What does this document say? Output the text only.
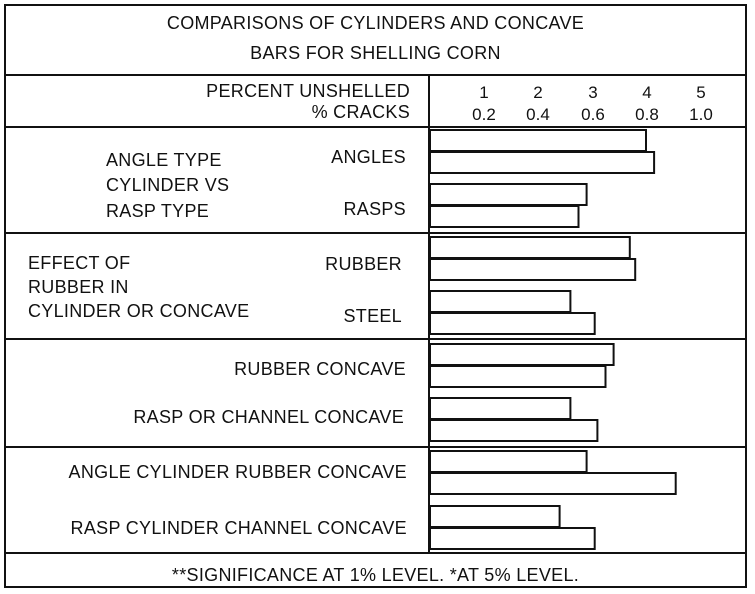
COMPARISONS OF CYLINDERS AND CONCAVE
BARS FOR SHELLING CORN
PERCENT UNSHELLED
% CRACKS
ANGLE TYPE
CYLINDER VS
RASP TYPE
ANGLES
RASPS
EFFECT OF
RUBBER IN
CYLINDER OR CONCAVE
RUBBER
STEEL
RUBBER CONCAVE
RASP OR CHANNEL CONCAVE
ANGLE CYLINDER RUBBER CONCAVE
RASP CYLINDER CHANNEL CONCAVE
**SIGNIFICANCE AT 1% LEVEL. *AT 5% LEVEL.
1	2	3	4	5
0.2 0.4 0.6 0.8 1.0
